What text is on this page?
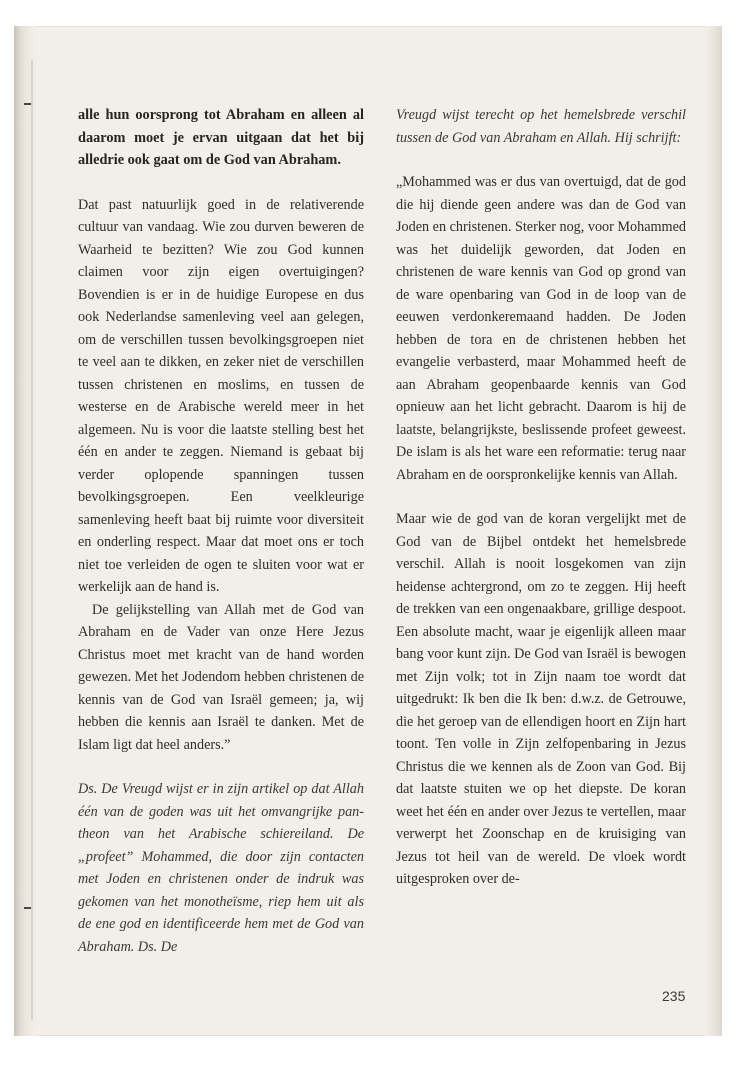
alle hun oorsprong tot Abraham en alleen al daarom moet je ervan uitgaan dat het bij alledrie ook gaat om de God van Abraham.

Dat past natuurlijk goed in de relativerende cultuur van vandaag. Wie zou durven beweren de Waarheid te bezitten? Wie zou God kunnen claimen voor zijn eigen overtuigingen? Bovendien is er in de huidige Europese en dus ook Nederlandse samenleving veel aan gelegen, om de verschillen tussen bevolkingsgroepen niet te veel aan te dikken, en zeker niet de verschillen tussen christenen en moslims, en tussen de westerse en de Arabische wereld meer in het algemeen. Nu is voor die laatste stelling best het één en ander te zeggen. Niemand is gebaat bij verder oplopende spanningen tussen bevolkingsgroepen. Een veelkleurige samenleving heeft baat bij ruimte voor diversiteit en onderling respect. Maar dat moet ons er toch niet toe verleiden de ogen te sluiten voor wat er werkelijk aan de hand is.

De gelijkstelling van Allah met de God van Abraham en de Vader van onze Here Jezus Christus moet met kracht van de hand worden gewezen. Met het Jodendom hebben christenen de kennis van de God van Israël gemeen; ja, wij hebben die kennis aan Israël te danken. Met de Islam ligt dat heel anders.”

Ds. De Vreugd wijst er in zijn artikel op dat Allah één van de goden was uit het omvangrijke pantheon van het Arabische schiereiland. De „profeet” Mohammed, die door zijn contacten met Joden en christenen onder de indruk was gekomen van het monotheïsme, riep hem uit als de ene god en identificeerde hem met de God van Abraham. Ds. De

Vreugd wijst terecht op het hemelsbrede verschil tussen de God van Abraham en Allah. Hij schrijft:

„Mohammed was er dus van overtuigd, dat de god die hij diende geen andere was dan de God van Joden en christenen. Sterker nog, voor Mohammed was het duidelijk geworden, dat Joden en christenen de ware kennis van God op grond van de ware openbaring van God in de loop van de eeuwen verdonkeremaand hadden. De Joden hebben de tora en de christenen hebben het evangelie verbasterd, maar Mohammed heeft de aan Abraham geopenbaarde kennis van God opnieuw aan het licht gebracht. Daarom is hij de laatste, belangrijkste, beslissende profeet geweest. De islam is als het ware een reformatie: terug naar Abraham en de oorspronkelijke kennis van Allah.

Maar wie de god van de koran vergelijkt met de God van de Bijbel ontdekt het hemelsbrede verschil. Allah is nooit losgekomen van zijn heidense achtergrond, om zo te zeggen. Hij heeft de trekken van een ongenaakbare, grillige despoot. Een absolute macht, waar je eigenlijk alleen maar bang voor kunt zijn. De God van Israël is bewogen met Zijn volk; tot in Zijn naam toe wordt dat uitgedrukt: Ik ben die Ik ben: d.w.z. de Getrouwe, die het geroep van de ellendigen hoort en Zijn hart toont. Ten volle in Zijn zelfopenbaring in Jezus Christus die we kennen als de Zoon van God. Bij dat laatste stuiten we op het diepste. De koran weet het één en ander over Jezus te vertellen, maar verwerpt het Zoonschap en de kruisiging van Jezus tot heil van de wereld. De vloek wordt uitgesproken over de-

235
